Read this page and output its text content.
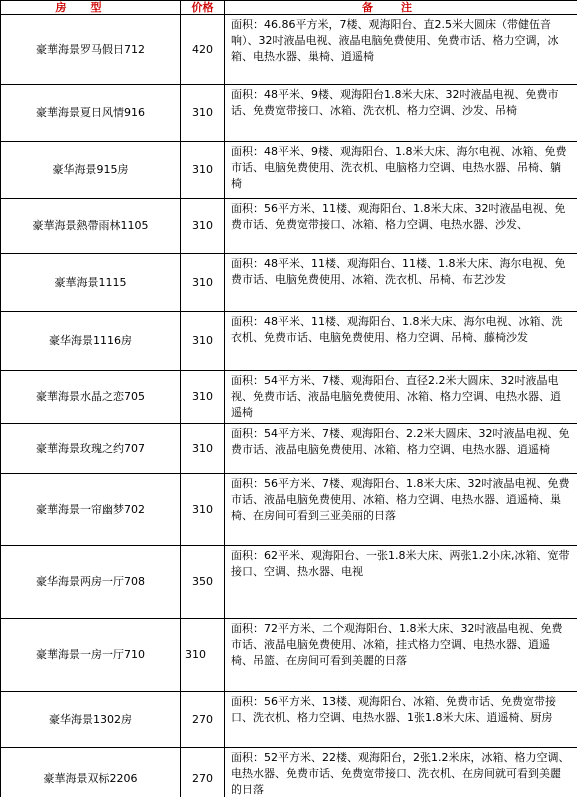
房型	价格	备注
豪華海景罗马假日712	420	面积：46.86平方米，7楼、观海阳台、直2.5米大圆床（带健伍音响）、32吋液晶电视、液晶电脑免费使用、免费市话、格力空调，冰箱、电热水器、巢椅、逍遥椅
豪華海景夏日风情916	310	面积：48平米、9楼、观海阳台1.8米大床、32吋液晶电视、免费市话、免费宽带接口、冰箱、洗衣机、格力空调、沙发、吊椅
豪华海景915房	310	面积：48平米、9楼、观海阳台、1.8米大床、海尔电视、冰箱、免费市话、电脑免费使用、洗衣机、电脑格力空调、电热水器、吊椅、躺椅
豪華海景熱帶雨林1105	310	面积：56平方米、11楼、观海阳台、1.8米大床、32吋液晶电视、免费市话、免费宽带接口、冰箱、格力空调、电热水器、沙发、
豪華海景1115	310	面积：48平米、11楼、观海阳台、11楼、1.8米大床、海尔电视、免费市话、电脑免费使用、冰箱、洗衣机、吊椅、布艺沙发
豪华海景1116房	310	面积：48平米、11楼、观海阳台、1.8米大床、海尔电视、冰箱、洗衣机、免费市话、电脑免费使用、格力空调、吊椅、藤椅沙发
豪華海景水晶之恋705	310	面积：54平方米、7楼、观海阳台、直径2.2米大圆床、32吋液晶电视、免费市话、液晶电脑免费使用、冰箱、格力空调、电热水器、逍遥椅
豪華海景玫瑰之约707	310	面积：54平方米、7楼、观海阳台、2.2米大圆床、32吋液晶电视、免费市话、液晶电脑免费使用、冰箱、格力空调、电热水器、逍遥椅
豪華海景一帘幽梦702	310	面积：56平方米、7楼、观海阳台、1.8米大床、32吋液晶电视、免费市话、液晶电脑免费使用、冰箱、格力空调、电热水器、逍遥椅、巢椅、在房间可看到三亚美丽的日落
豪华海景两房一厅708	350	面积：62平米、观海阳台、一张1.8米大床、两张1.2小床,冰箱、宽带接口、空调、热水器、电视
豪華海景一房一厅710	310	面积：72平方米、二个观海阳台、1.8米大床、32吋液晶电视、免费市话、液晶电脑免费使用、冰箱，挂式格力空调、电热水器、逍遥椅、吊篮、在房间可看到美麗的日落
豪华海景1302房	270	面积：56平方米、13楼、观海阳台、冰箱、免费市话、免费宽带接口、洗衣机、格力空调、电热水器、1张1.8米大床、逍遥椅、厨房
豪華海景双标2206	270	面积：52平方米、22楼、观海阳台，2张1.2米床，冰箱、格力空调、电热水器、免费市话、免费宽带接口、洗衣机、在房间就可看到美麗的日落
